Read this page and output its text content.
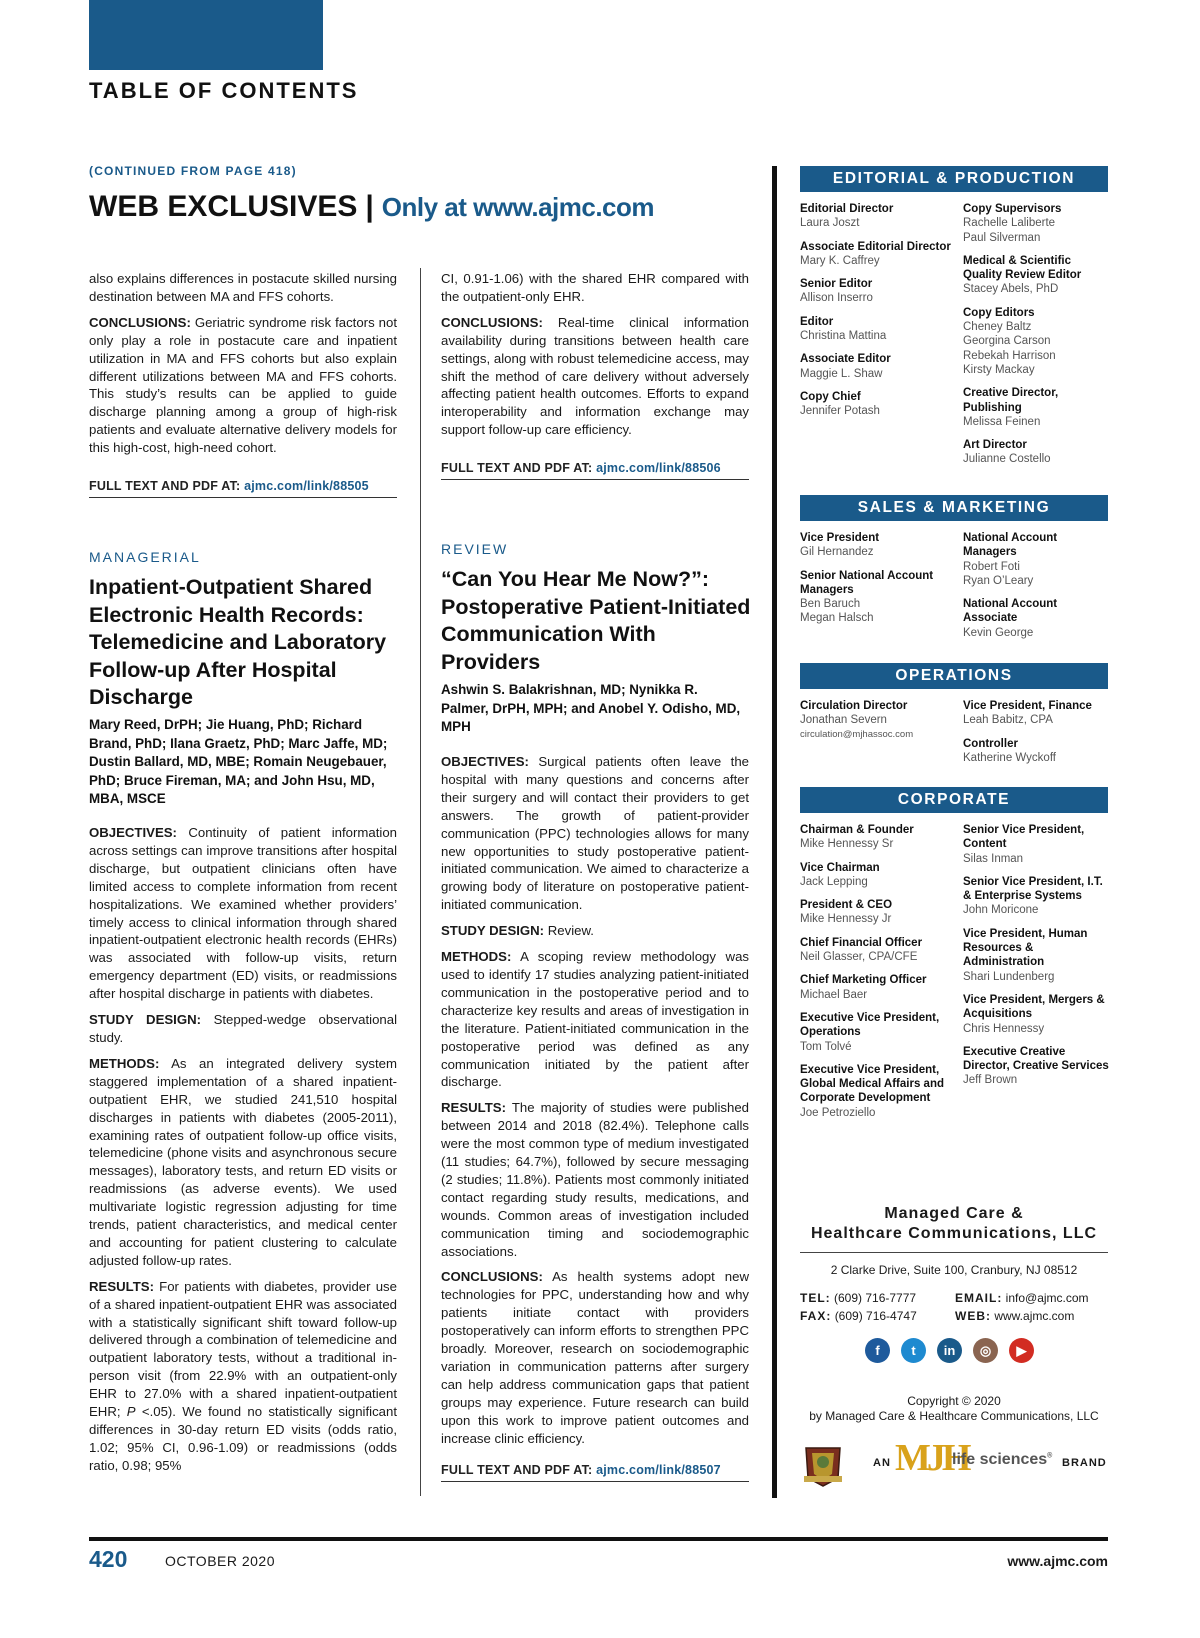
TABLE OF CONTENTS
(CONTINUED FROM PAGE 418)
WEB EXCLUSIVES | Only at www.ajmc.com

also explains differences in postacute skilled nursing destination between MA and FFS cohorts.

CONCLUSIONS: Geriatric syndrome risk factors not only play a role in postacute care and inpatient utilization in MA and FFS cohorts but also explain different utilizations between MA and FFS cohorts. This study’s results can be applied to guide discharge planning among a group of high-risk patients and evaluate alternative delivery models for this high-cost, high-need cohort.

FULL TEXT AND PDF AT: ajmc.com/link/88505
MANAGERIAL
Inpatient-Outpatient Shared Electronic Health Records: Telemedicine and Laboratory Follow-up After Hospital Discharge
Mary Reed, DrPH; Jie Huang, PhD; Richard Brand, PhD; Ilana Graetz, PhD; Marc Jaffe, MD; Dustin Ballard, MD, MBE; Romain Neugebauer, PhD; Bruce Fireman, MA; and John Hsu, MD, MBA, MSCE

OBJECTIVES: Continuity of patient information across settings can improve transitions after hospital discharge, but outpatient clinicians often have limited access to complete information from recent hospitalizations. We examined whether providers’ timely access to clinical information through shared inpatient-outpatient electronic health records (EHRs) was associated with follow-up visits, return emergency department (ED) visits, or readmissions after hospital discharge in patients with diabetes.

STUDY DESIGN: Stepped-wedge observational study.

METHODS: As an integrated delivery system staggered implementation of a shared inpatient-outpatient EHR, we studied 241,510 hospital discharges in patients with diabetes (2005-2011), examining rates of outpatient follow-up office visits, telemedicine (phone visits and asynchronous secure messages), laboratory tests, and return ED visits or readmissions (as adverse events). We used multivariate logistic regression adjusting for time trends, patient characteristics, and medical center and accounting for patient clustering to calculate adjusted follow-up rates.

RESULTS: For patients with diabetes, provider use of a shared inpatient-outpatient EHR was associated with a statistically significant shift toward follow-up delivered through a combination of telemedicine and outpatient laboratory tests, without a traditional in-person visit (from 22.9% with an outpatient-only EHR to 27.0% with a shared inpatient-outpatient EHR; P <.05). We found no statistically significant differences in 30-day return ED visits (odds ratio, 1.02; 95% CI, 0.96-1.09) or readmissions (odds ratio, 0.98; 95%

CI, 0.91-1.06) with the shared EHR compared with the outpatient-only EHR.

CONCLUSIONS: Real-time clinical information availability during transitions between health care settings, along with robust telemedicine access, may shift the method of care delivery without adversely affecting patient health outcomes. Efforts to expand interoperability and information exchange may support follow-up care efficiency.

FULL TEXT AND PDF AT: ajmc.com/link/88506
REVIEW
“Can You Hear Me Now?”: Postoperative Patient-Initiated Communication With Providers
Ashwin S. Balakrishnan, MD; Nynikka R. Palmer, DrPH, MPH; and Anobel Y. Odisho, MD, MPH

OBJECTIVES: Surgical patients often leave the hospital with many questions and concerns after their surgery and will contact their providers to get answers. The growth of patient-provider communication (PPC) technologies allows for many new opportunities to study postoperative patient-initiated communication. We aimed to characterize a growing body of literature on postoperative patient-initiated communication.

STUDY DESIGN: Review.

METHODS: A scoping review methodology was used to identify 17 studies analyzing patient-initiated communication in the postoperative period and to characterize key results and areas of investigation in the literature. Patient-initiated communication in the postoperative period was defined as any communication initiated by the patient after discharge.

RESULTS: The majority of studies were published between 2014 and 2018 (82.4%). Telephone calls were the most common type of medium investigated (11 studies; 64.7%), followed by secure messaging (2 studies; 11.8%). Patients most commonly initiated contact regarding study results, medications, and wounds. Common areas of investigation included communication timing and sociodemographic associations.

CONCLUSIONS: As health systems adopt new technologies for PPC, understanding how and why patients initiate contact with providers postoperatively can inform efforts to strengthen PPC broadly. Moreover, research on sociodemographic variation in communication patterns after surgery can help address communication gaps that patient groups may experience. Future research can build upon this work to improve patient outcomes and increase clinic efficiency.

FULL TEXT AND PDF AT: ajmc.com/link/88507
EDITORIAL & PRODUCTION
Editorial Director
Laura Joszt
Associate Editorial Director
Mary K. Caffrey
Senior Editor
Allison Inserro
Editor
Christina Mattina
Associate Editor
Maggie L. Shaw
Copy Chief
Jennifer Potash
Copy Supervisors
Rachelle Laliberte
Paul Silverman
Medical & Scientific Quality Review Editor
Stacey Abels, PhD
Copy Editors
Cheney Baltz
Georgina Carson
Rebekah Harrison
Kirsty Mackay
Creative Director, Publishing
Melissa Feinen
Art Director
Julianne Costello
SALES & MARKETING
Vice President
Gil Hernandez
Senior National Account Managers
Ben Baruch
Megan Halsch
National Account Managers
Robert Foti
Ryan O’Leary
National Account Associate
Kevin George
OPERATIONS
Circulation Director
Jonathan Severn
circulation@mjhassoc.com
Vice President, Finance
Leah Babitz, CPA
Controller
Katherine Wyckoff
CORPORATE
Chairman & Founder
Mike Hennessy Sr
Vice Chairman
Jack Lepping
President & CEO
Mike Hennessy Jr
Chief Financial Officer
Neil Glasser, CPA/CFE
Chief Marketing Officer
Michael Baer
Executive Vice President, Operations
Tom Tolvé
Executive Vice President, Global Medical Affairs and Corporate Development
Joe Petroziello
Senior Vice President, Content
Silas Inman
Senior Vice President, I.T. & Enterprise Systems
John Moricone
Vice President, Human Resources & Administration
Shari Lundenberg
Vice President, Mergers & Acquisitions
Chris Hennessy
Executive Creative Director, Creative Services
Jeff Brown
Managed Care &
Healthcare Communications, LLC
2 Clarke Drive, Suite 100, Cranbury, NJ 08512
TEL: (609) 716-7777
FAX: (609) 716-4747
EMAIL: info@ajmc.com
WEB: www.ajmc.com
f t in ◎ ▶
Copyright © 2020
by Managed Care & Healthcare Communications, LLC
AN MJH
life sciences®
BRAND
420	OCTOBER 2020	www.ajmc.com
